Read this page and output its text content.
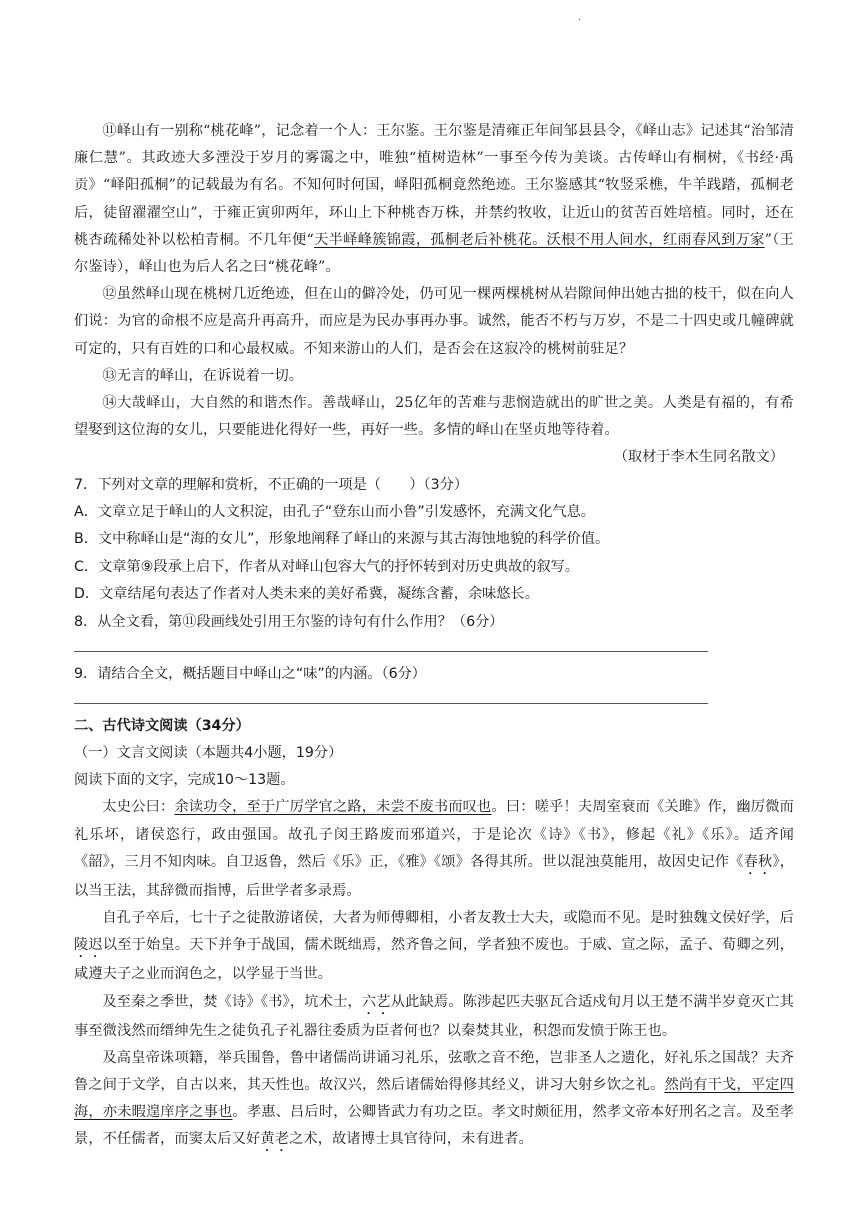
.

⑪峄山有一别称“桃花峰”，记念着一个人：王尔鉴。王尔鉴是清雍正年间邹县县令，《峄山志》记述其“治邹清廉仁慧”。其政迹大多湮没于岁月的雾霭之中，唯独“植树造林”一事至今传为美谈。古传峄山有桐树，《书经·禹贡》“峄阳孤桐”的记载最为有名。不知何时何国，峄阳孤桐竟然绝迹。王尔鉴感其“牧竖采樵，牛羊践踏，孤桐老后，徒留濯濯空山”，于雍正寅卯两年，环山上下种桃杏万株，并禁约牧收，让近山的贫苦百姓培植。同时，还在桃杏疏稀处补以松柏青桐。不几年便“天半峄峰簇锦霞，孤桐老后补桃花。沃根不用人间水，红雨春风到万家”（王尔鉴诗），峄山也为后人名之曰“桃花峰”。

⑫虽然峄山现在桃树几近绝迹，但在山的僻冷处，仍可见一棵两棵桃树从岩隙间伸出她古拙的枝干，似在向人们说：为官的命根不应是高升再高升，而应是为民办事再办事。诚然，能否不朽与万岁，不是二十四史或几幢碑就可定的，只有百姓的口和心最权威。不知来游山的人们，是否会在这寂冷的桃树前驻足？

⑬无言的峄山，在诉说着一切。

⑭大哉峄山，大自然的和谐杰作。善哉峄山，25亿年的苦难与悲悯造就出的旷世之美。人类是有福的，有希望娶到这位海的女儿，只要能进化得好一些，再好一些。多情的峄山在坚贞地等待着。

（取材于李木生同名散文）

7．下列对文章的理解和赏析，不正确的一项是（　　）（3分）

A．文章立足于峄山的人文积淀，由孔子“登东山而小鲁”引发感怀，充满文化气息。

B．文中称峄山是“海的女儿”，形象地阐释了峄山的来源与其古海蚀地貌的科学价值。

C．文章第⑨段承上启下，作者从对峄山包容大气的抒怀转到对历史典故的叙写。

D．文章结尾句表达了作者对人类未来的美好希冀，凝练含蓄，余味悠长。

8．从全文看，第⑪段画线处引用王尔鉴的诗句有什么作用？（6分）

9．请结合全文，概括题目中峄山之“味”的内涵。（6分）

二、古代诗文阅读（34分）

（一）文言文阅读（本题共4小题，19分）

阅读下面的文字，完成10～13题。

太史公曰：余读功令，至于广厉学官之路，未尝不废书而叹也。曰：嗟乎！夫周室衰而《关雎》作，幽厉微而礼乐坏，诸侯恣行，政由强国。故孔子闵王路废而邪道兴，于是论次《诗》《书》，修起《礼》《乐》。适齐闻《韶》，三月不知肉味。自卫返鲁，然后《乐》正，《雅》《颂》各得其所。世以混浊莫能用，故因史记作《春秋》，以当王法，其辞微而指博，后世学者多录焉。

自孔子卒后，七十子之徒散游诸侯，大者为师傅卿相，小者友教士大夫，或隐而不见。是时独魏文侯好学，后陵迟以至于始皇。天下并争于战国，儒术既绌焉，然齐鲁之间，学者独不废也。于威、宣之际，孟子、荀卿之列，咸遵夫子之业而润色之，以学显于当世。

及至秦之季世，焚《诗》《书》，坑术士，六艺从此缺焉。陈涉起匹夫驱瓦合适戍旬月以王楚不满半岁竟灭亡其事至微浅然而缙绅先生之徒负孔子礼器往委质为臣者何也？以秦焚其业，积怨而发愤于陈王也。

及高皇帝诛项籍，举兵围鲁，鲁中诸儒尚讲诵习礼乐，弦歌之音不绝，岂非圣人之遗化，好礼乐之国哉？夫齐鲁之间于文学，自古以来，其天性也。故汉兴，然后诸儒始得修其经义，讲习大射乡饮之礼。然尚有干戈，平定四海，亦未暇遑庠序之事也。孝惠、吕后时，公卿皆武力有功之臣。孝文时颇征用，然孝文帝本好刑名之言。及至孝景，不任儒者，而窦太后又好黄老之术，故诸博士具官待问，未有进者。
